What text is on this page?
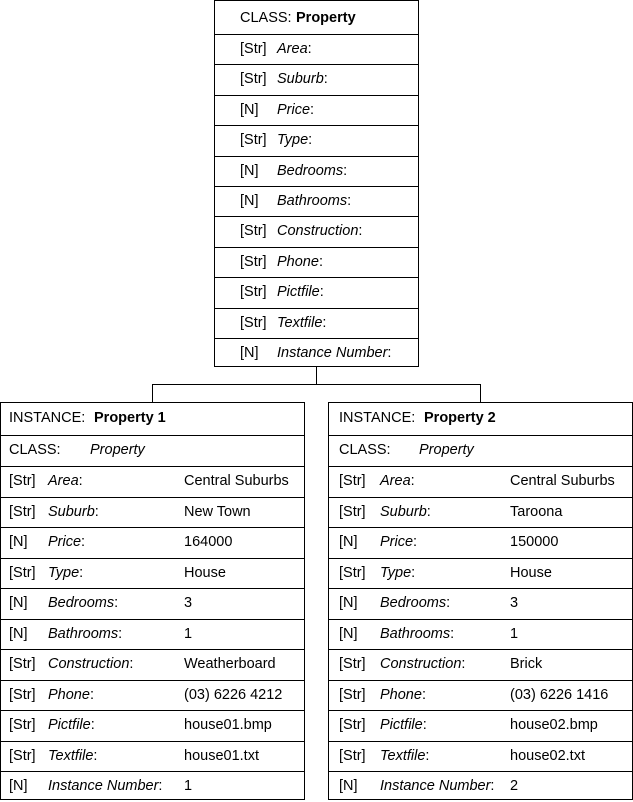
CLASS: Property
[Str] Area:
[Str] Suburb:
[N] Price:
[Str] Type:
[N] Bedrooms:
[N] Bathrooms:
[Str] Construction:
[Str] Phone:
[Str] Pictfile:
[Str] Textfile:
[N] Instance Number:
INSTANCE: Property 1
CLASS: Property
[Str] Area:	Central Suburbs
[Str] Suburb:	New Town
[N] Price:	164000
[Str] Type:	House
[N] Bedrooms:	3
[N] Bathrooms:	1
[Str] Construction:	Weatherboard
[Str] Phone:	(03) 6226 4212
[Str] Pictfile:	house01.bmp
[Str] Textfile:	house01.txt
[N] Instance Number: 1
INSTANCE: Property 2
CLASS: Property
[Str] Area:	Central Suburbs
[Str] Suburb:	Taroona
[N] Price:	150000
[Str] Type:	House
[N] Bedrooms:	3
[N] Bathrooms:	1
[Str] Construction:	Brick
[Str] Phone:	(03) 6226 1416
[Str] Pictfile:	house02.bmp
[Str] Textfile:	house02.txt
[N] Instance Number: 2
